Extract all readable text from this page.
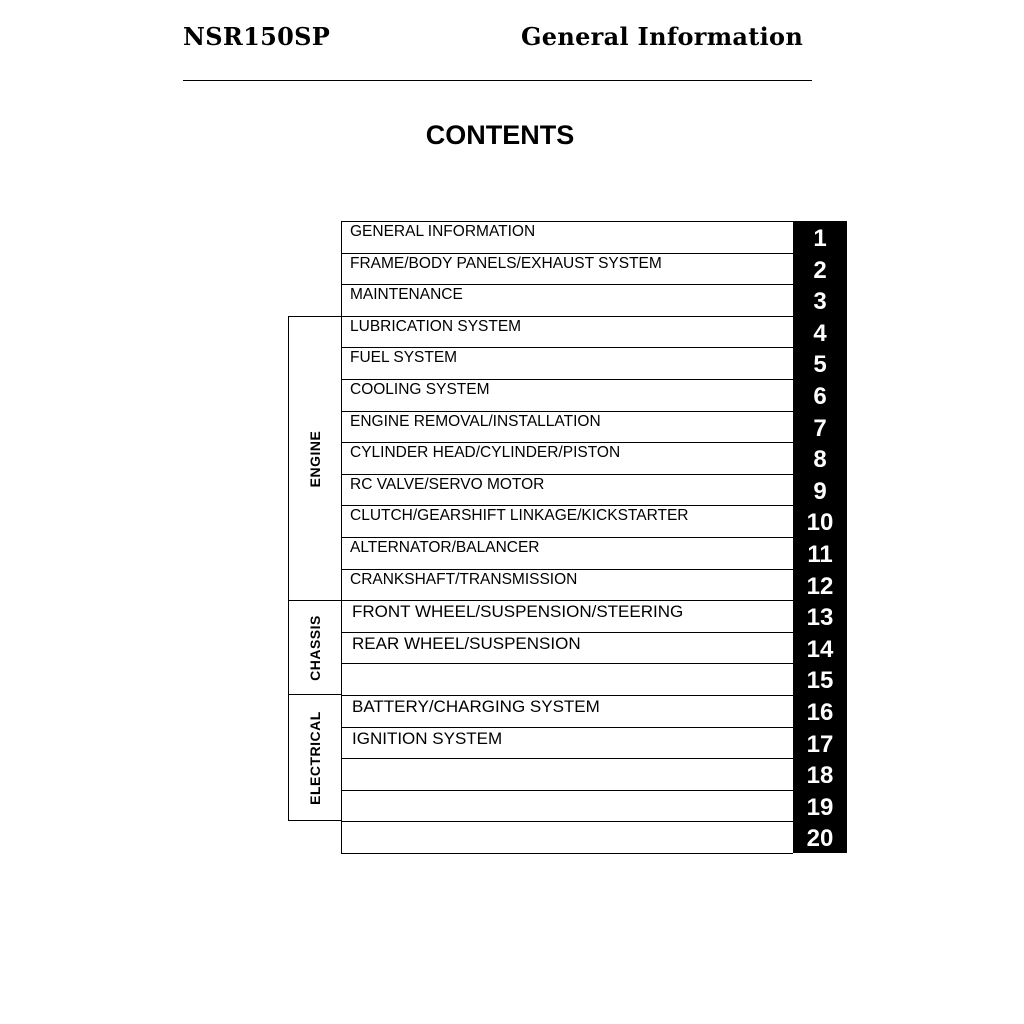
NSR150SP	General Information
CONTENTS
ENGINE
CHASSIS
ELECTRICAL
GENERAL INFORMATION	1
FRAME/BODY PANELS/EXHAUST SYSTEM	2
MAINTENANCE	3
LUBRICATION SYSTEM	4
FUEL SYSTEM	5
COOLING SYSTEM	6
ENGINE REMOVAL/INSTALLATION	7
CYLINDER HEAD/CYLINDER/PISTON	8
RC VALVE/SERVO MOTOR	9
CLUTCH/GEARSHIFT LINKAGE/KICKSTARTER	10
ALTERNATOR/BALANCER	11
CRANKSHAFT/TRANSMISSION	12
FRONT WHEEL/SUSPENSION/STEERING	13
REAR WHEEL/SUSPENSION	14
15
BATTERY/CHARGING SYSTEM	16
IGNITION SYSTEM	17
18
19
20
